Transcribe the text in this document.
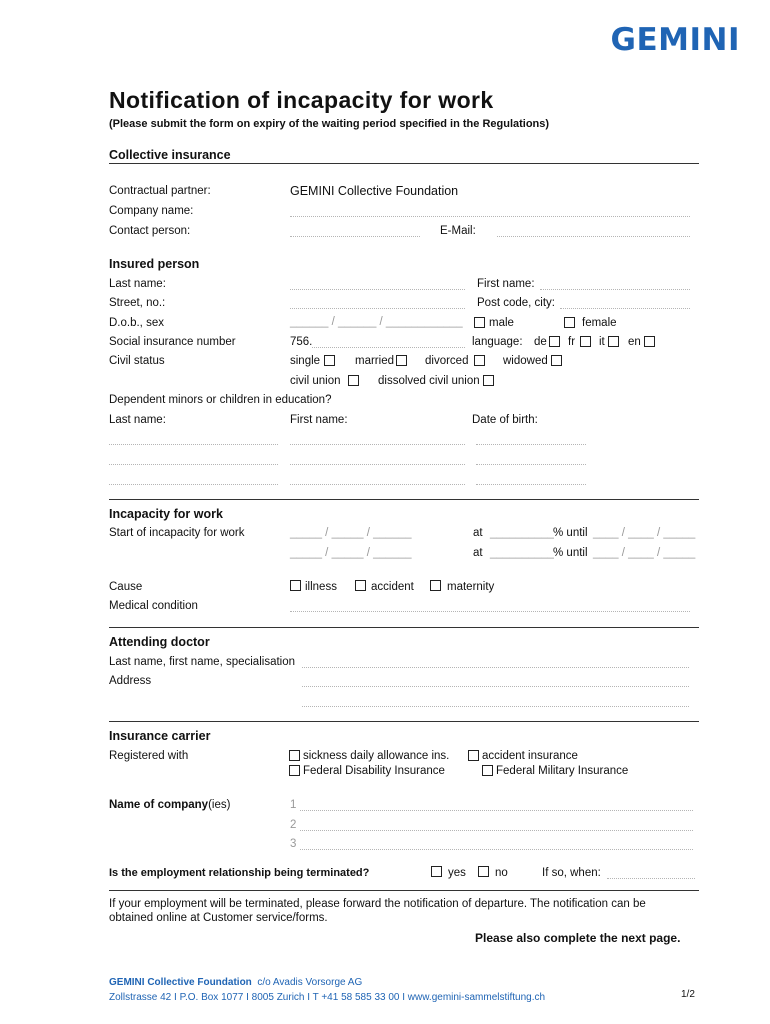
GEMINI
Notification of incapacity for work
(Please submit the form on expiry of the waiting period specified in the Regulations)
Collective insurance
Contractual partner:	GEMINI Collective Foundation
Company name:
Contact person:	E-Mail:
Insured person
Last name:	First name:
Street, no.:	Post code, city:
D.o.b., sex	______ / ______ / ____________ male	female
Social insurance number	756.	language: de fr it en
Civil status	single	married	divorced	widowed
civil union	dissolved civil union
Dependent minors or children in education?
Last name:	First name:	Date of birth:
Incapacity for work
Start of incapacity for work	_____ / _____ / ______	at __________ % until ____ / ____ / _____
_____ / _____ / ______	at __________ % until ____ / ____ / _____
Cause	illness	accident	maternity
Medical condition
Attending doctor
Last name, first name, specialisation
Address
Insurance carrier
Registered with	sickness daily allowance ins.	accident insurance
Federal Disability Insurance	Federal Military Insurance
Name of company(ies)	1
2
3
Is the employment relationship being terminated?	yes	no	If so, when:
If your employment will be terminated, please forward the notification of departure. The notification can be
obtained online at Customer service/forms.
Please also complete the next page.
GEMINI Collective Foundation c/o Avadis Vorsorge AG
Zollstrasse 42 I P.O. Box 1077 I 8005 Zurich I T +41 58 585 33 00 I www.gemini-sammelstiftung.ch	1/2
